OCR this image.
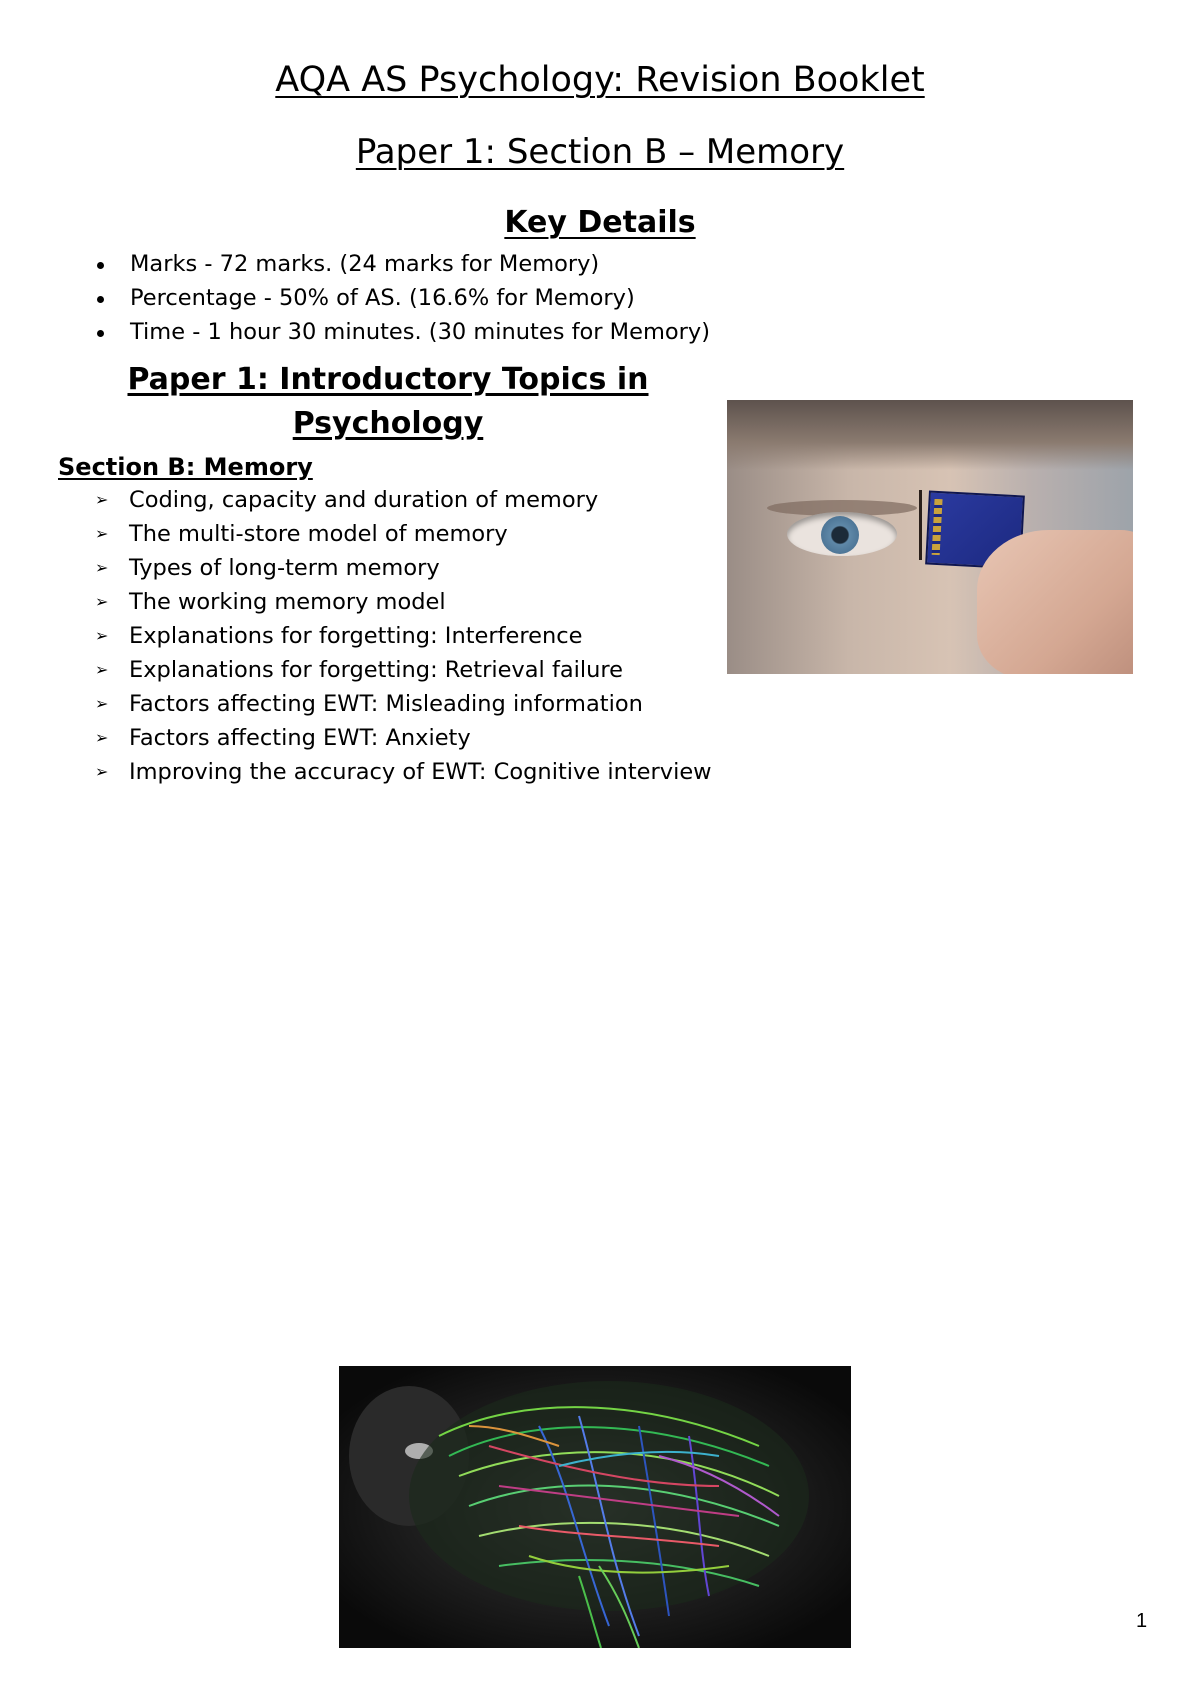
AQA AS Psychology: Revision Booklet
Paper 1: Section B – Memory
Key Details
Marks - 72 marks. (24 marks for Memory)
Percentage - 50% of AS. (16.6% for Memory)
Time - 1 hour 30 minutes. (30 minutes for Memory)
Paper 1: Introductory Topics in
Psychology
Section B: Memory
➢ Coding, capacity and duration of memory
➢ The multi-store model of memory
➢ Types of long-term memory
➢ The working memory model
➢ Explanations for forgetting: Interference
➢ Explanations for forgetting: Retrieval failure
➢ Factors affecting EWT: Misleading information
➢ Factors affecting EWT: Anxiety
➢ Improving the accuracy of EWT: Cognitive interview
1
